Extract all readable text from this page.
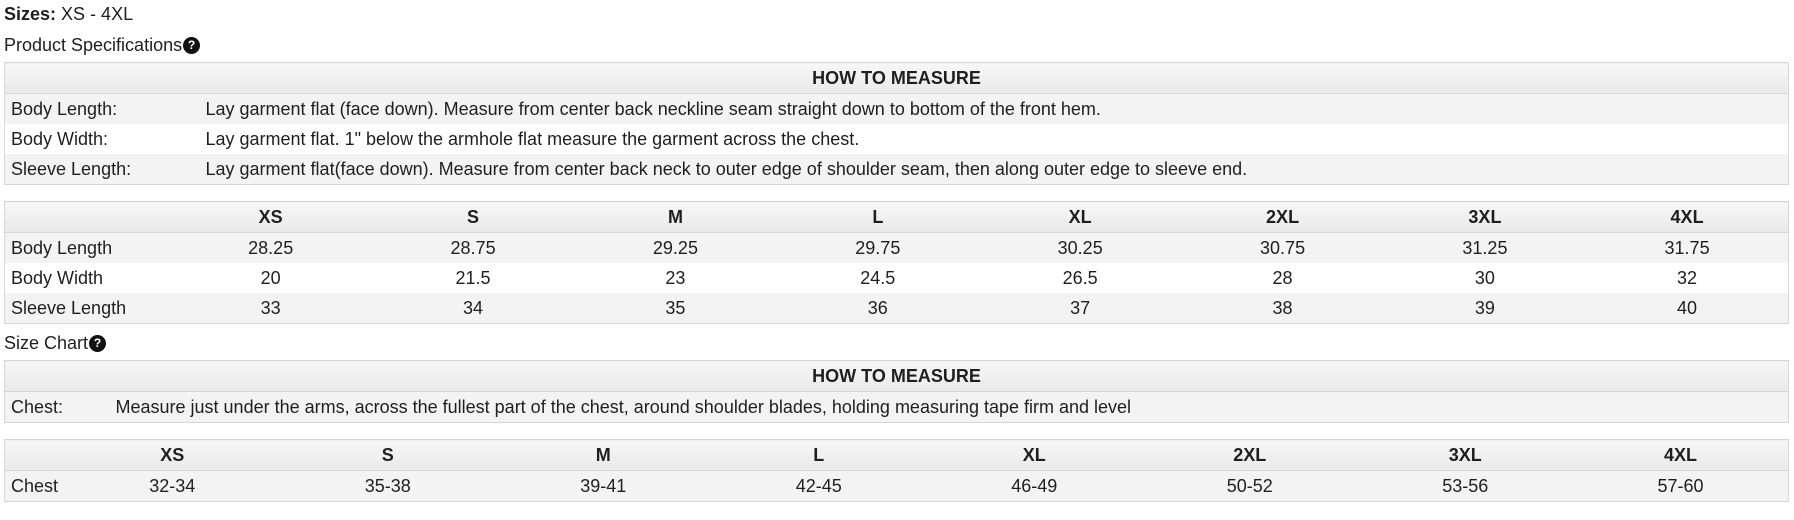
Sizes: XS - 4XL
Product Specifications ?
HOW TO MEASURE	
Body Length:	Lay garment flat (face down). Measure from center back neckline seam straight down to bottom of the front hem.
Body Width:	Lay garment flat. 1" below the armhole flat measure the garment across the chest.
Sleeve Length:	Lay garment flat(face down). Measure from center back neck to outer edge of shoulder seam, then along outer edge to sleeve end.
	XS	S	M	L	XL	2XL	3XL	4XL
Body Length	28.25	28.75	29.25	29.75	30.25	30.75	31.25	31.75
Body Width	20	21.5	23	24.5	26.5	28	30	32
Sleeve Length	33	34	35	36	37	38	39	40
Size Chart ?
HOW TO MEASURE
Chest:	Measure just under the arms, across the fullest part of the chest, around shoulder blades, holding measuring tape firm and level
	XS	S	M	L	XL	2XL	3XL	4XL
Chest	32-34	35-38	39-41	42-45	46-49	50-52	53-56	57-60
